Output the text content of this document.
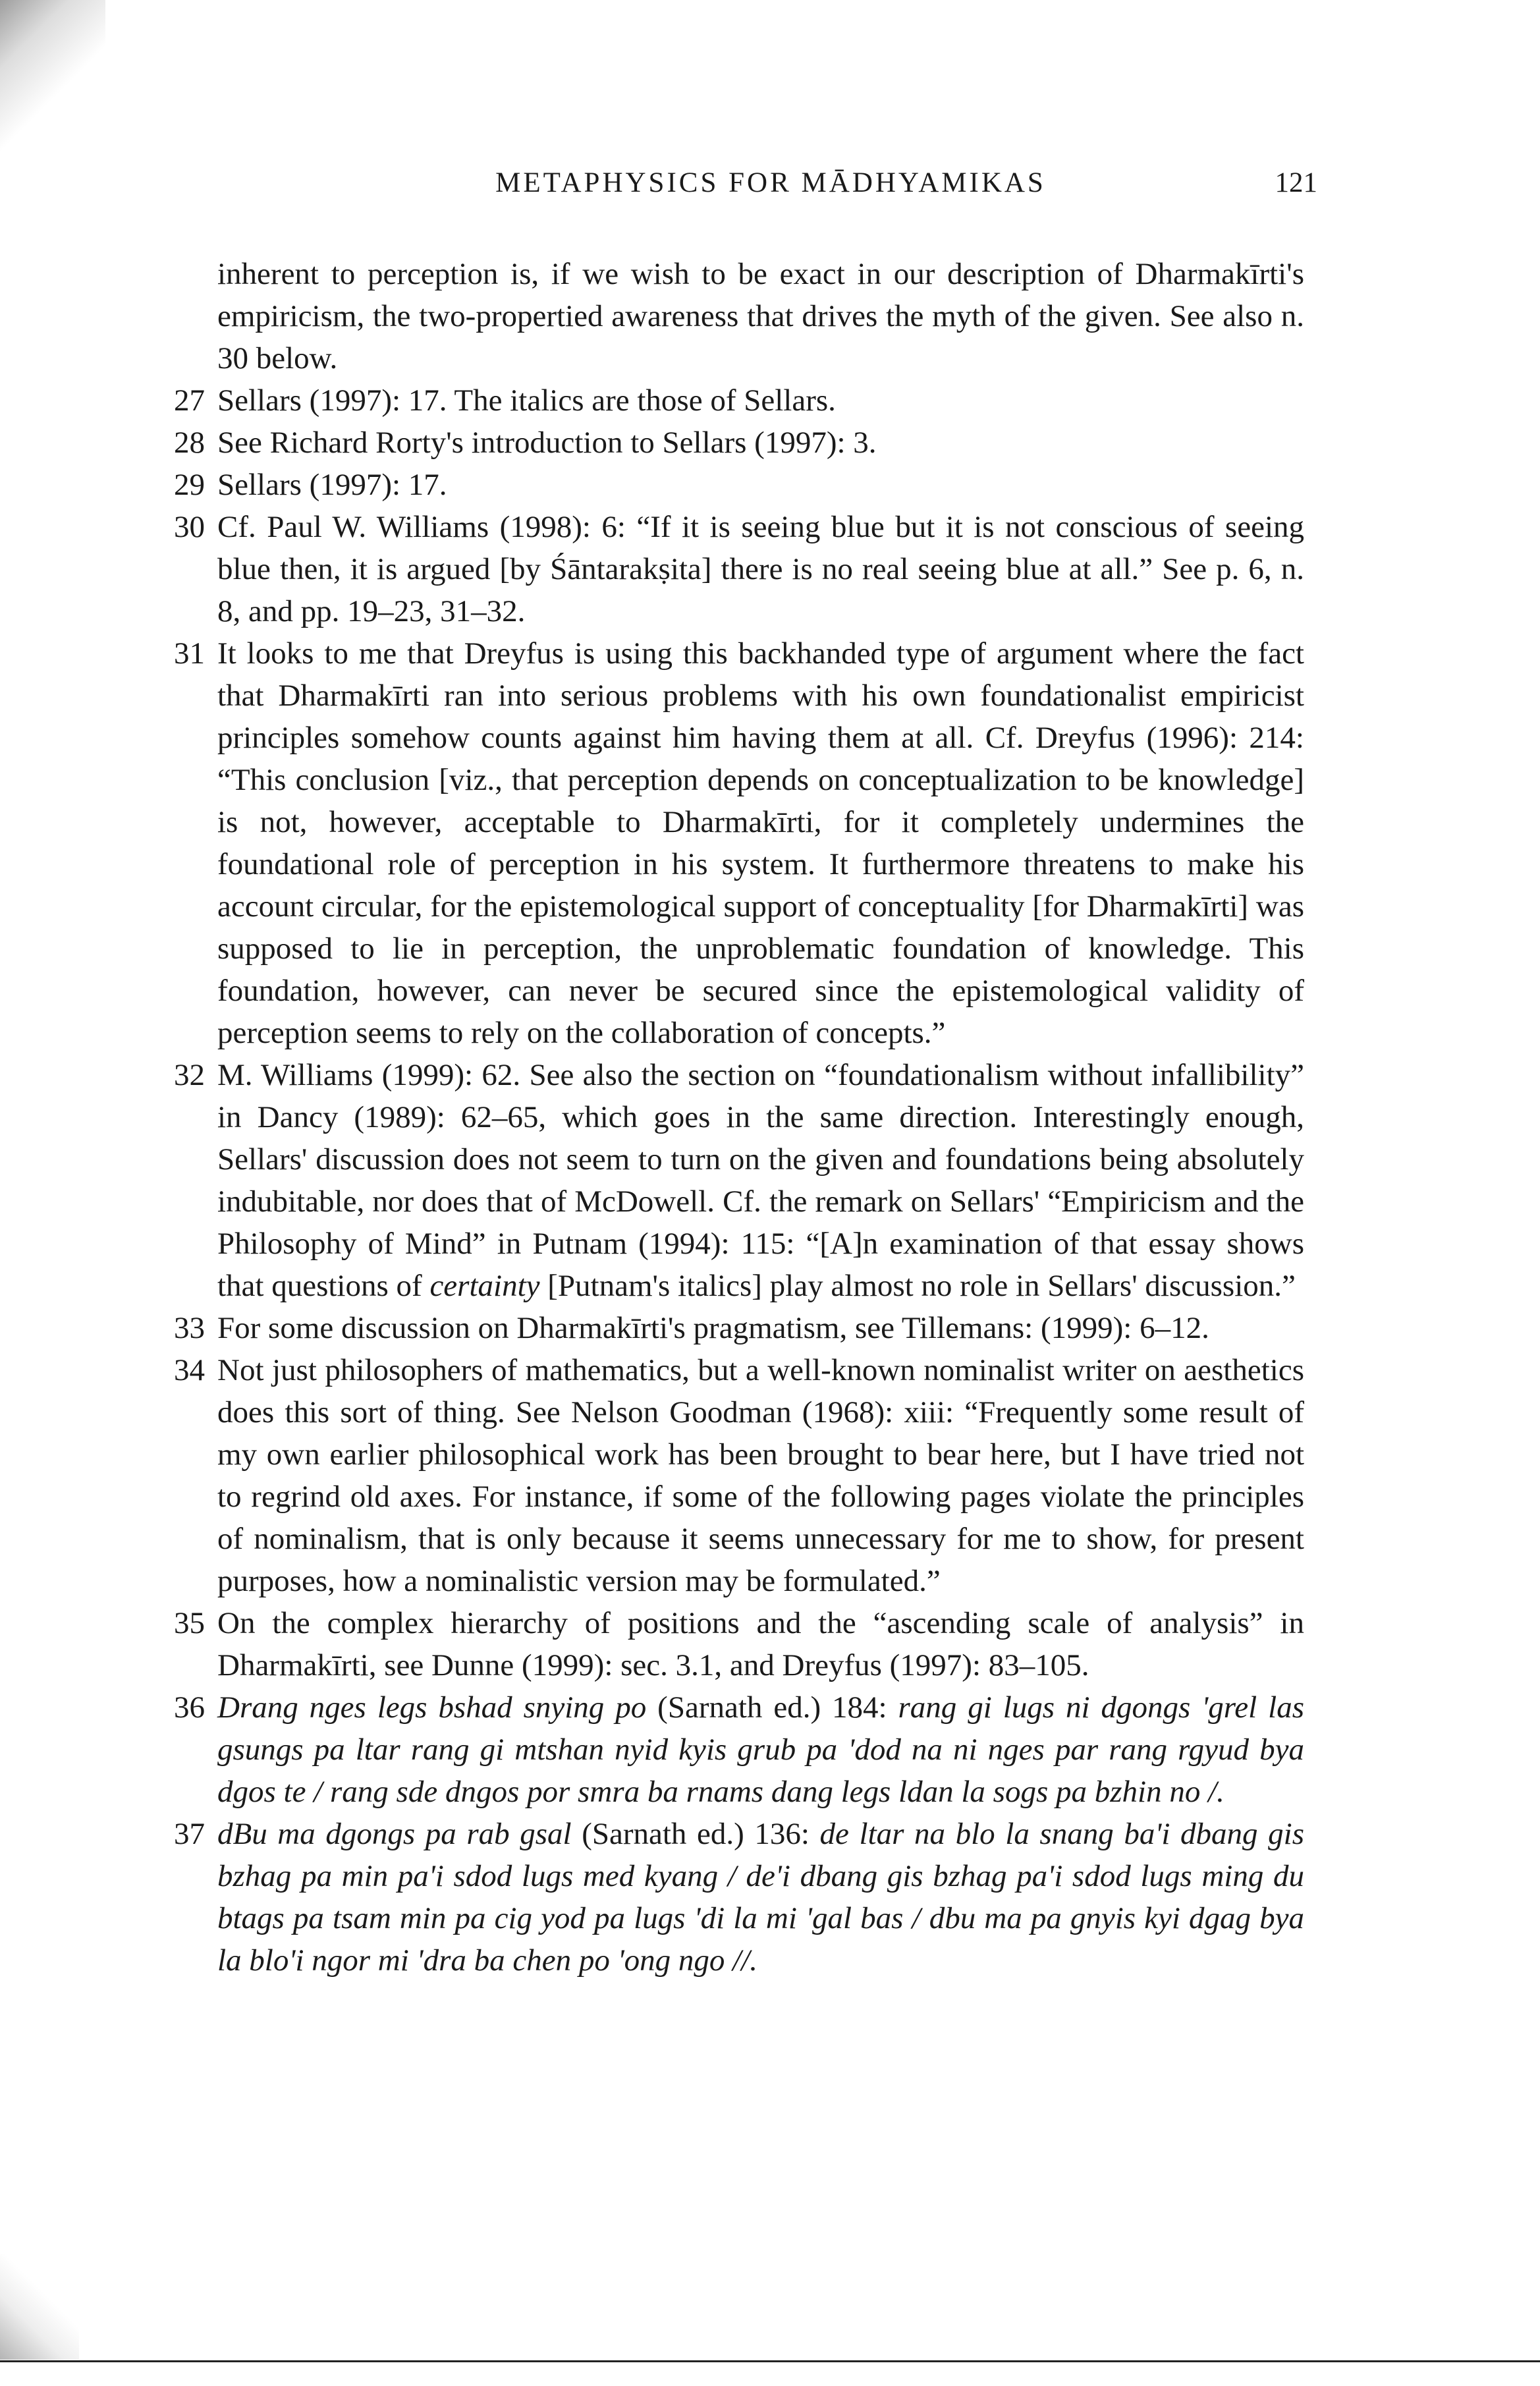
METAPHYSICS FOR MĀDHYAMIKAS	121

inherent to perception is, if we wish to be exact in our description of Dharmakīrti's empiricism, the two-propertied awareness that drives the myth of the given. See also n. 30 below.

27 Sellars (1997): 17. The italics are those of Sellars.
28 See Richard Rorty's introduction to Sellars (1997): 3.
29 Sellars (1997): 17.
30 Cf. Paul W. Williams (1998): 6: “If it is seeing blue but it is not conscious of seeing blue then, it is argued [by Śāntarakṣita] there is no real seeing blue at all.” See p. 6, n. 8, and pp. 19–23, 31–32.
31 It looks to me that Dreyfus is using this backhanded type of argument where the fact that Dharmakīrti ran into serious problems with his own foundationalist empiricist principles somehow counts against him having them at all. Cf. Dreyfus (1996): 214: “This conclusion [viz., that perception depends on conceptualization to be knowledge] is not, however, acceptable to Dharmakīrti, for it completely undermines the foundational role of perception in his system. It furthermore threatens to make his account circular, for the epistemological support of conceptuality [for Dharmakīrti] was supposed to lie in perception, the unproblematic foundation of knowledge. This foundation, however, can never be secured since the epistemological validity of perception seems to rely on the collaboration of concepts.”
32 M. Williams (1999): 62. See also the section on “foundationalism without infallibility” in Dancy (1989): 62–65, which goes in the same direction. Interestingly enough, Sellars' discussion does not seem to turn on the given and foundations being absolutely indubitable, nor does that of McDowell. Cf. the remark on Sellars' “Empiricism and the Philosophy of Mind” in Putnam (1994): 115: “[A]n examination of that essay shows that questions of certainty [Putnam's italics] play almost no role in Sellars' discussion.”
33 For some discussion on Dharmakīrti's pragmatism, see Tillemans: (1999): 6–12.
34 Not just philosophers of mathematics, but a well-known nominalist writer on aesthetics does this sort of thing. See Nelson Goodman (1968): xiii: “Frequently some result of my own earlier philosophical work has been brought to bear here, but I have tried not to regrind old axes. For instance, if some of the following pages violate the principles of nominalism, that is only because it seems unnecessary for me to show, for present purposes, how a nominalistic version may be formulated.”
35 On the complex hierarchy of positions and the “ascending scale of analysis” in Dharmakīrti, see Dunne (1999): sec. 3.1, and Dreyfus (1997): 83–105.
36 Drang nges legs bshad snying po (Sarnath ed.) 184: rang gi lugs ni dgongs 'grel las gsungs pa ltar rang gi mtshan nyid kyis grub pa 'dod na ni nges par rang rgyud bya dgos te / rang sde dngos por smra ba rnams dang legs ldan la sogs pa bzhin no /.
37 dBu ma dgongs pa rab gsal (Sarnath ed.) 136: de ltar na blo la snang ba'i dbang gis bzhag pa min pa'i sdod lugs med kyang / de'i dbang gis bzhag pa'i sdod lugs ming du btags pa tsam min pa cig yod pa lugs 'di la mi 'gal bas / dbu ma pa gnyis kyi dgag bya la blo'i ngor mi 'dra ba chen po 'ong ngo //.
